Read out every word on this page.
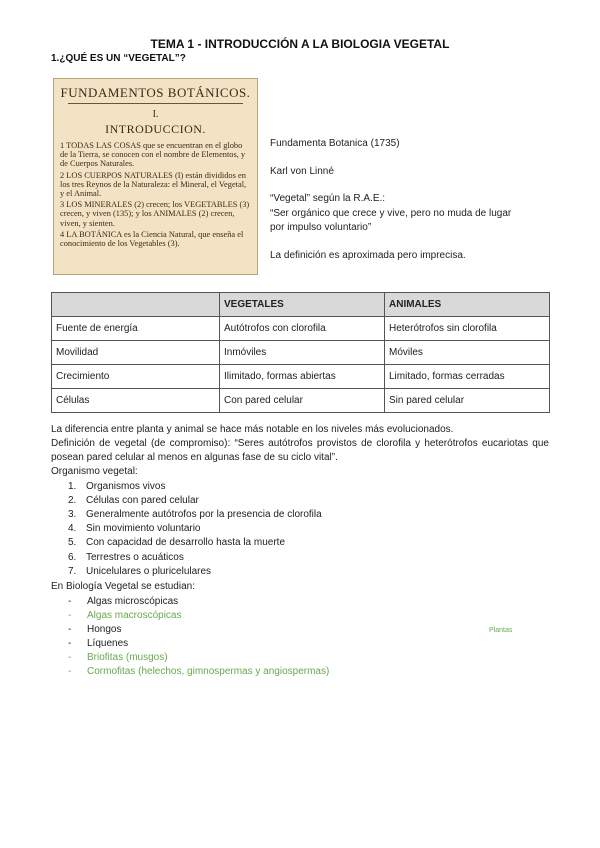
TEMA 1 - INTRODUCCIÓN A LA BIOLOGIA VEGETAL
1.¿QUÉ ES UN “VEGETAL”?
FUNDAMENTOS BOTÁNICOS.
I.
INTRODUCCION.

1 TODAS LAS COSAS que se encuentran en el globo de la Tierra, se conocen con el nombre de Elementos, y de Cuerpos Naturales.

2 LOS CUERPOS NATURALES (I) están divididos en los tres Reynos de la Naturaleza: el Mineral, el Vegetal, y el Animal.

3 LOS MINERALES (2) crecen; los VEGETABLES (3) crecen, y viven (135); y los ANIMALES (2) crecen, viven, y sienten.

4 LA BOTÁNICA es la Ciencia Natural, que enseña el conocimiento de los Vegetables (3).

Fundamenta Botanica (1735)
Karl von Linné
“Vegetal” según la R.A.E.:
“Ser orgánico que crece y vive, pero no muda de lugar
por impulso voluntario”
La definición es aproximada pero imprecisa.
	VEGETALES	ANIMALES
Fuente de energía	Autótrofos con clorofila	Heterótrofos sin clorofila
Movilidad	Inmóviles	Móviles
Crecimiento	Ilimitado, formas abiertas	Limitado, formas cerradas
Células	Con pared celular	Sin pared celular
La diferencia entre planta y animal se hace más notable en los niveles más evolucionados.
Definición de vegetal (de compromiso): “Seres autótrofos provistos de clorofila y heterótrofos eucariotas que posean pared celular al menos en algunas fase de su ciclo vital”.
Organismo vegetal:
1. Organismos vivos
2. Células con pared celular
3. Generalmente autótrofos por la presencia de clorofila
4. Sin movimiento voluntario
5. Con capacidad de desarrollo hasta la muerte
6. Terrestres o acuáticos
7. Unicelulares o pluricelulares
En Biología Vegetal se estudian:
- Algas microscópicas
- Algas macroscópicas
- Hongos
- Líquenes
- Briofitas (musgos)
- Cormofitas (helechos, gimnospermas y angiospermas)
Plantas
